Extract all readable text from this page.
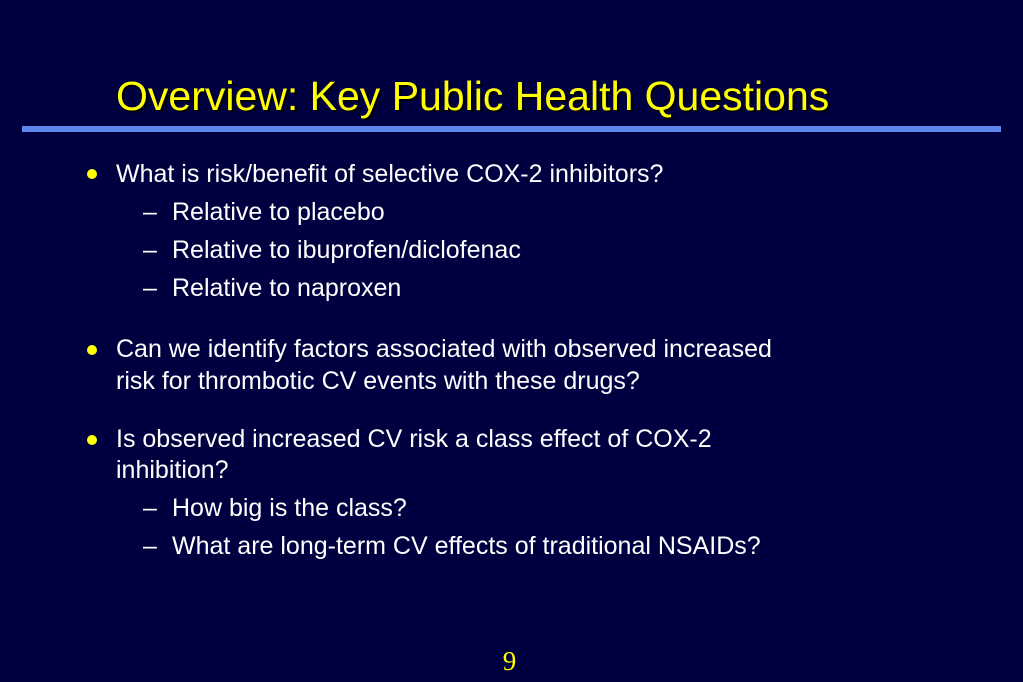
Overview: Key Public Health Questions
What is risk/benefit of selective COX-2 inhibitors?
– Relative to placebo
– Relative to ibuprofen/diclofenac
– Relative to naproxen
Can we identify factors associated with observed increased
risk for thrombotic CV events with these drugs?
Is observed increased CV risk a class effect of COX-2
inhibition?
– How big is the class?
– What are long-term CV effects of traditional NSAIDs?
9
